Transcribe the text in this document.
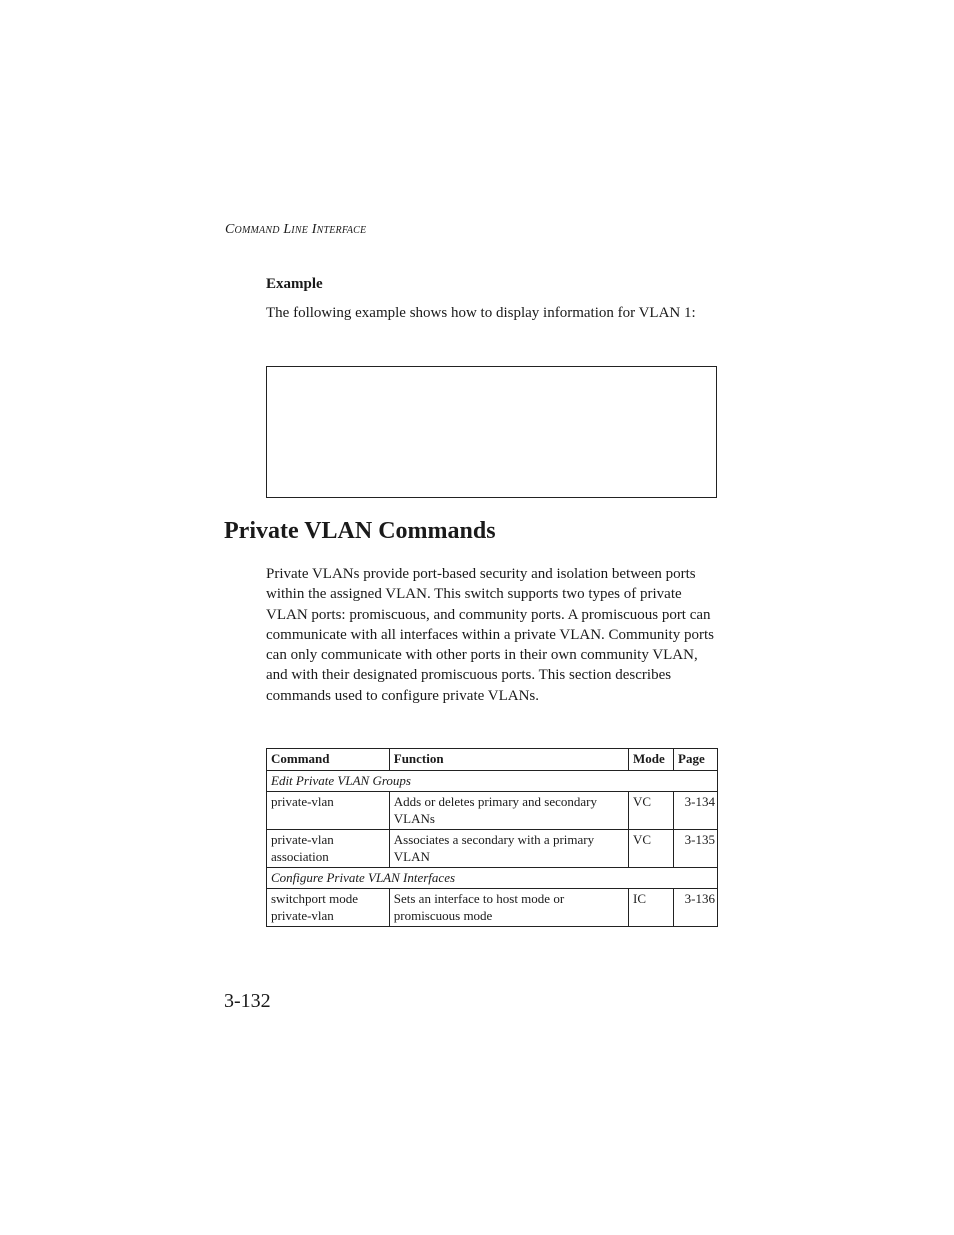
Command Line Interface
Example
The following example shows how to display information for VLAN 1:
Private VLAN Commands

Private VLANs provide port-based security and isolation between ports within the assigned VLAN. This switch supports two types of private VLAN ports: promiscuous, and community ports. A promiscuous port can communicate with all interfaces within a private VLAN. Community ports can only communicate with other ports in their own community VLAN, and with their designated promiscuous ports. This section describes commands used to configure private VLANs.

Command	Function	Mode	Page
Edit Private VLAN Groups			
private-vlan	Adds or deletes primary and secondary VLANs	VC	3-134
private-vlan association	Associates a secondary with a primary VLAN	VC	3-135
Configure Private VLAN Interfaces			
switchport mode private-vlan	Sets an interface to host mode or promiscuous mode	IC	3-136
3-132
